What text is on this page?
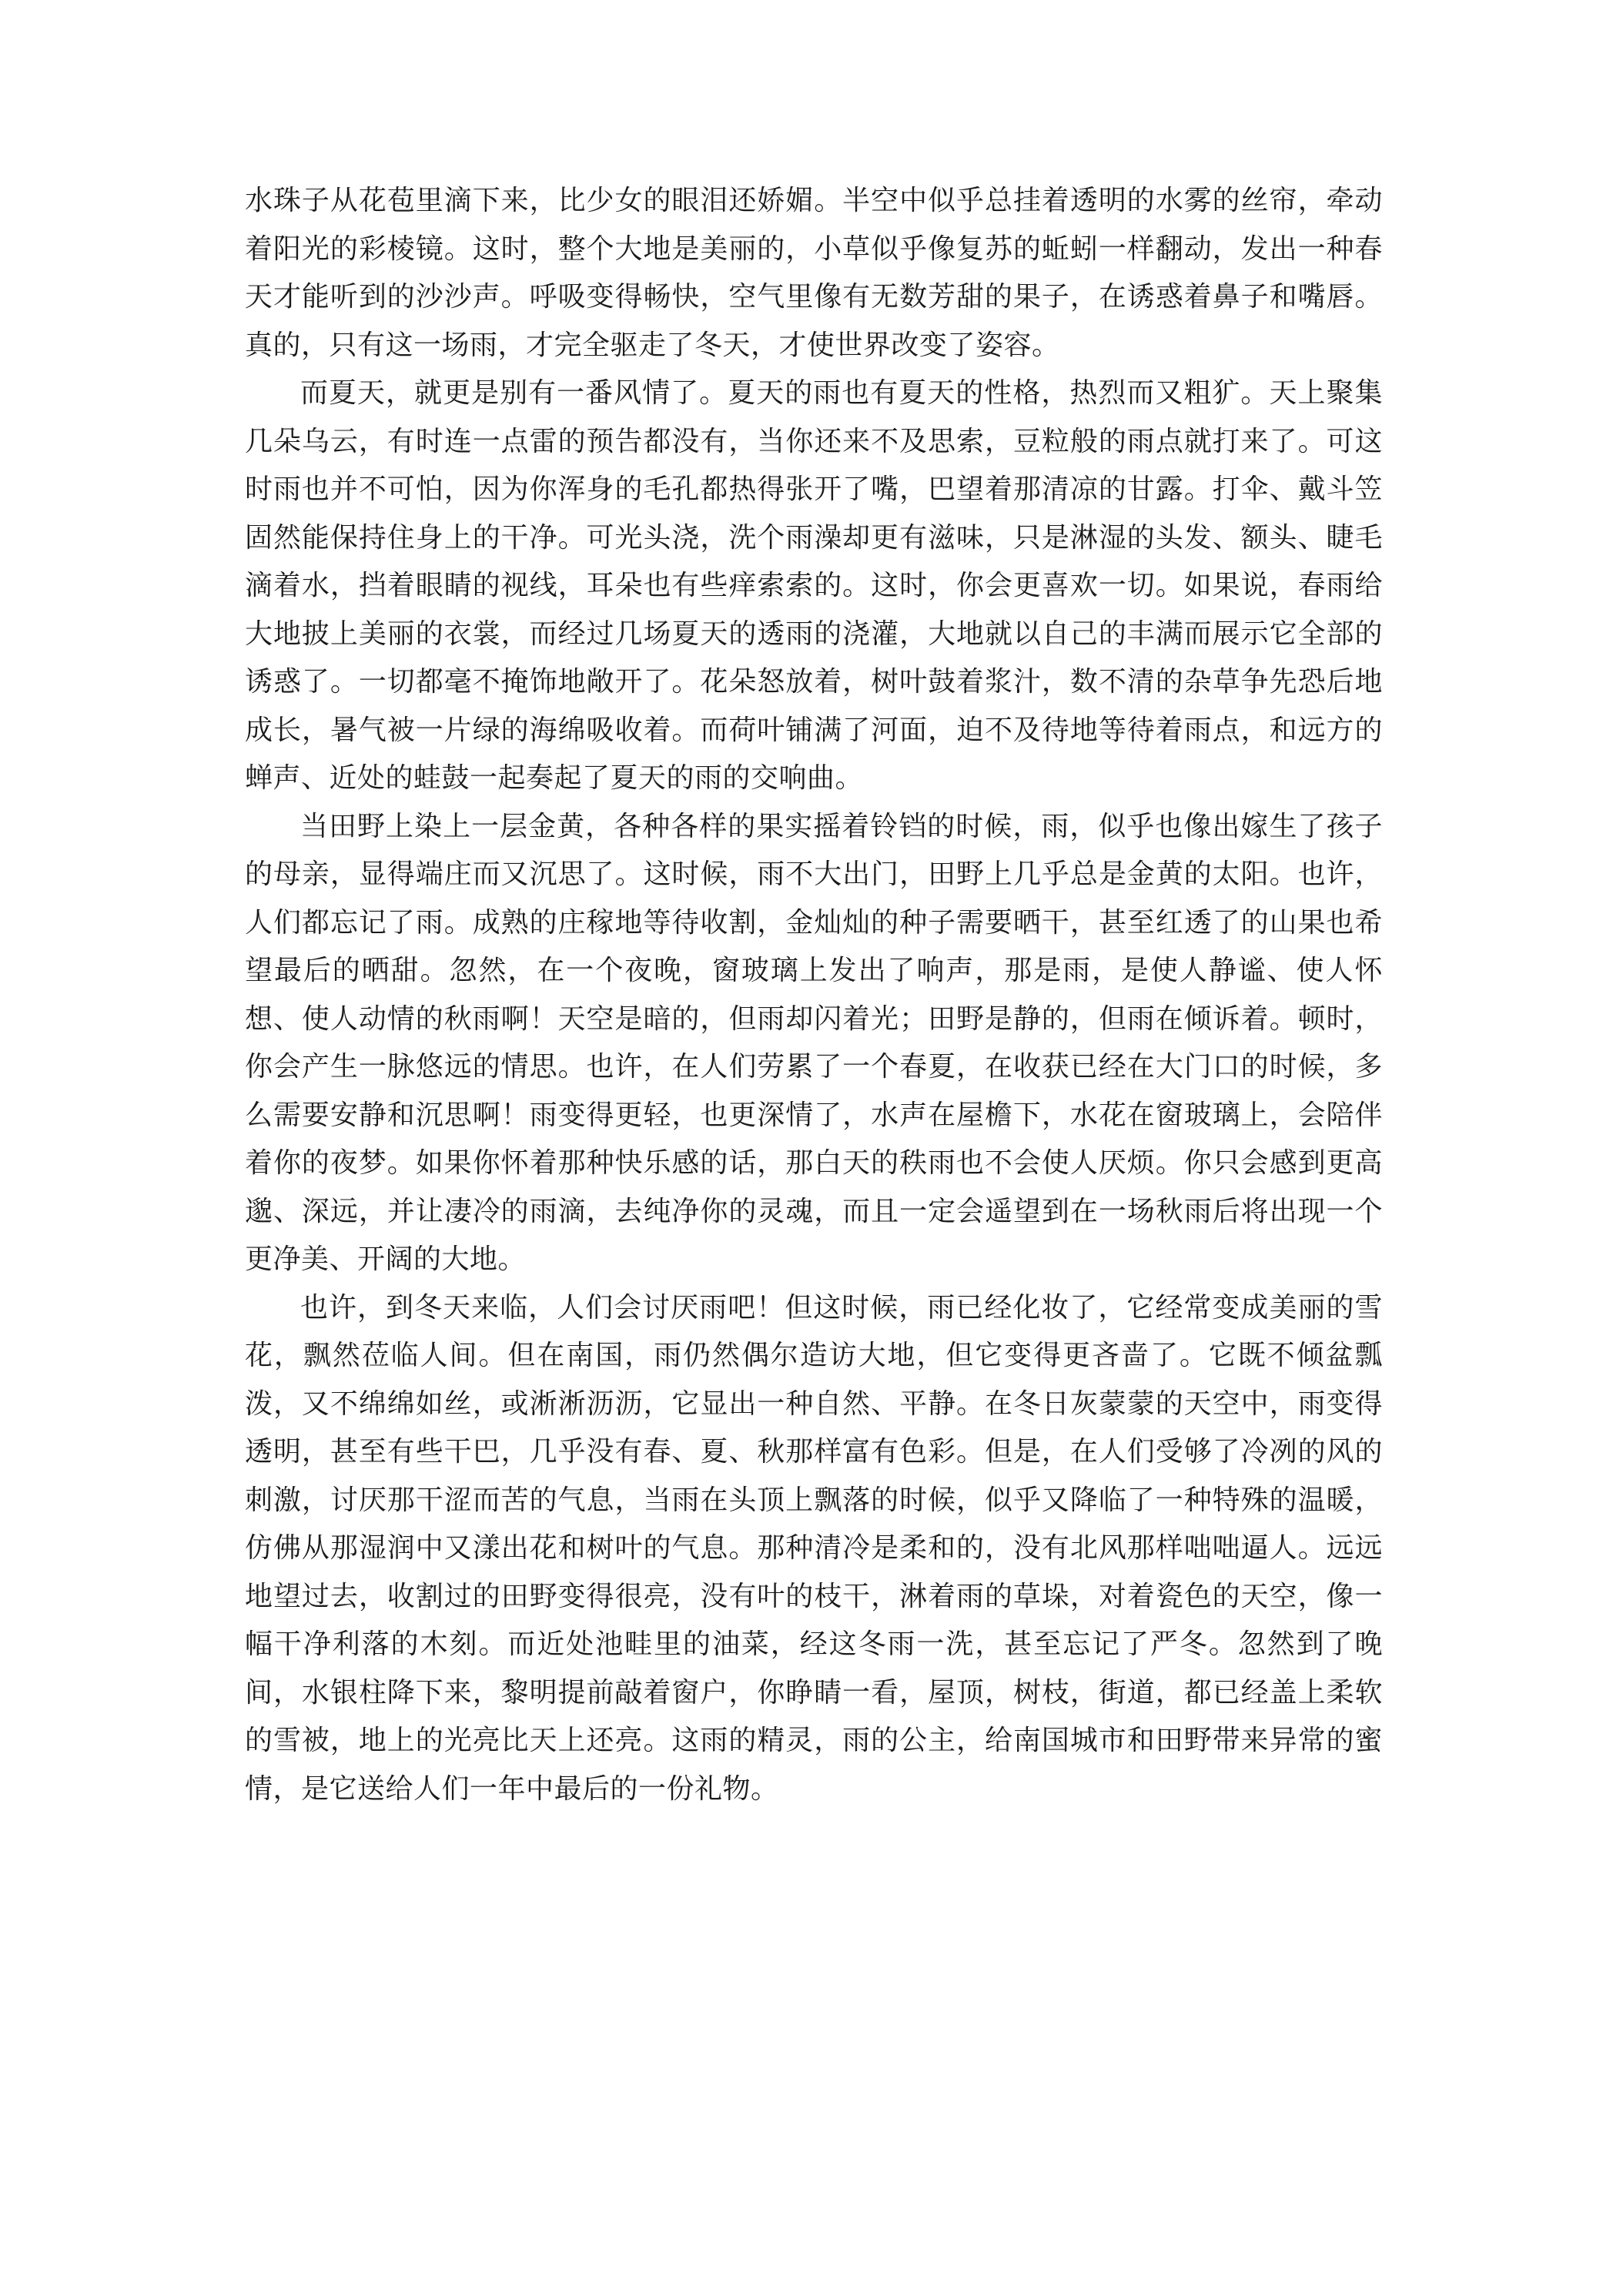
水珠子从花苞里滴下来，比少女的眼泪还娇媚。半空中似乎总挂着透明的水雾的丝帘，牵动着阳光的彩棱镜。这时，整个大地是美丽的，小草似乎像复苏的蚯蚓一样翻动，发出一种春天才能听到的沙沙声。呼吸变得畅快，空气里像有无数芳甜的果子，在诱惑着鼻子和嘴唇。真的，只有这一场雨，才完全驱走了冬天，才使世界改变了姿容。

而夏天，就更是别有一番风情了。夏天的雨也有夏天的性格，热烈而又粗犷。天上聚集几朵乌云，有时连一点雷的预告都没有，当你还来不及思索，豆粒般的雨点就打来了。可这时雨也并不可怕，因为你浑身的毛孔都热得张开了嘴，巴望着那清凉的甘露。打伞、戴斗笠固然能保持住身上的干净。可光头浇，洗个雨澡却更有滋味，只是淋湿的头发、额头、睫毛滴着水，挡着眼睛的视线，耳朵也有些痒索索的。这时，你会更喜欢一切。如果说，春雨给大地披上美丽的衣裳，而经过几场夏天的透雨的浇灌，大地就以自己的丰满而展示它全部的诱惑了。一切都毫不掩饰地敞开了。花朵怒放着，树叶鼓着浆汁，数不清的杂草争先恐后地成长，暑气被一片绿的海绵吸收着。而荷叶铺满了河面，迫不及待地等待着雨点，和远方的蝉声、近处的蛙鼓一起奏起了夏天的雨的交响曲。

当田野上染上一层金黄，各种各样的果实摇着铃铛的时候，雨，似乎也像出嫁生了孩子的母亲，显得端庄而又沉思了。这时候，雨不大出门，田野上几乎总是金黄的太阳。也许，人们都忘记了雨。成熟的庄稼地等待收割，金灿灿的种子需要晒干，甚至红透了的山果也希望最后的晒甜。忽然，在一个夜晚，窗玻璃上发出了响声，那是雨，是使人静谧、使人怀想、使人动情的秋雨啊！天空是暗的，但雨却闪着光；田野是静的，但雨在倾诉着。顿时，你会产生一脉悠远的情思。也许，在人们劳累了一个春夏，在收获已经在大门口的时候，多么需要安静和沉思啊！雨变得更轻，也更深情了，水声在屋檐下，水花在窗玻璃上，会陪伴着你的夜梦。如果你怀着那种快乐感的话，那白天的秩雨也不会使人厌烦。你只会感到更高邈、深远，并让凄冷的雨滴，去纯净你的灵魂，而且一定会遥望到在一场秋雨后将出现一个更净美、开阔的大地。

也许，到冬天来临，人们会讨厌雨吧！但这时候，雨已经化妆了，它经常变成美丽的雪花，飘然莅临人间。但在南国，雨仍然偶尔造访大地，但它变得更吝啬了。它既不倾盆瓢泼，又不绵绵如丝，或淅淅沥沥，它显出一种自然、平静。在冬日灰蒙蒙的天空中，雨变得透明，甚至有些干巴，几乎没有春、夏、秋那样富有色彩。但是，在人们受够了冷冽的风的刺激，讨厌那干涩而苦的气息，当雨在头顶上飘落的时候，似乎又降临了一种特殊的温暖，仿佛从那湿润中又漾出花和树叶的气息。那种清冷是柔和的，没有北风那样咄咄逼人。远远地望过去，收割过的田野变得很亮，没有叶的枝干，淋着雨的草垛，对着瓷色的天空，像一幅干净利落的木刻。而近处池畦里的油菜，经这冬雨一洗，甚至忘记了严冬。忽然到了晚间，水银柱降下来，黎明提前敲着窗户，你睁睛一看，屋顶，树枝，街道，都已经盖上柔软的雪被，地上的光亮比天上还亮。这雨的精灵，雨的公主，给南国城市和田野带来异常的蜜情，是它送给人们一年中最后的一份礼物。
